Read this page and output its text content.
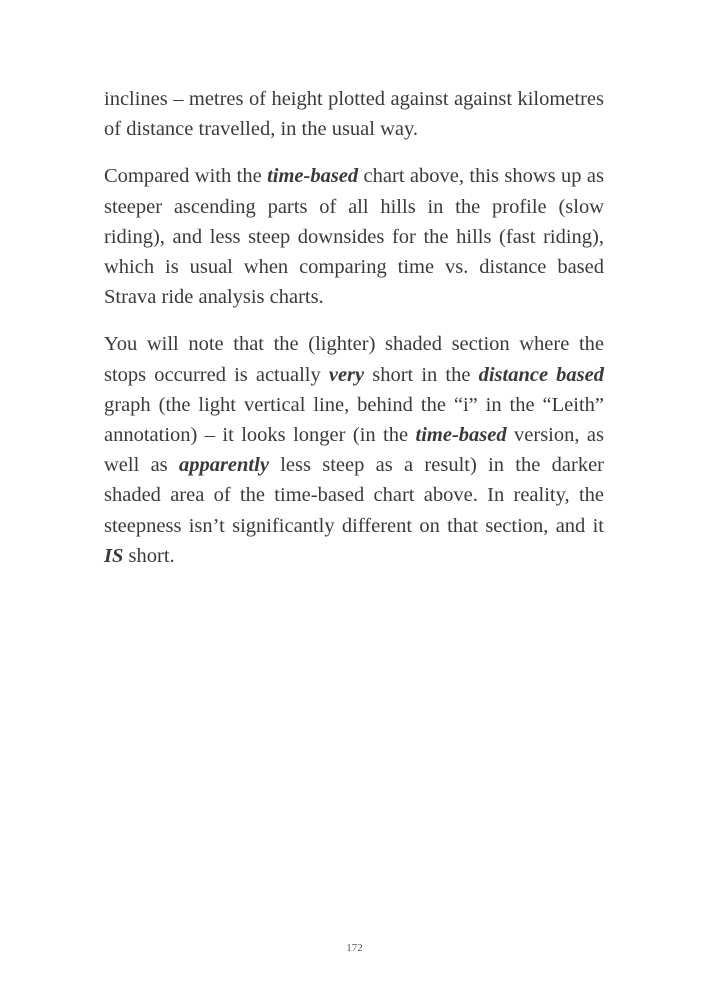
inclines – metres of height plotted against against kilometres of distance travelled, in the usual way.

Compared with the time-based chart above, this shows up as steeper ascending parts of all hills in the profile (slow riding), and less steep downsides for the hills (fast riding), which is usual when comparing time vs. distance based Strava ride analysis charts.

You will note that the (lighter) shaded section where the stops occurred is actually very short in the distance based graph (the light vertical line, behind the “i” in the “Leith” annotation) – it looks longer (in the time-based version, as well as apparently less steep as a result) in the darker shaded area of the time-based chart above. In reality, the steepness isn’t significantly different on that section, and it IS short.

172
